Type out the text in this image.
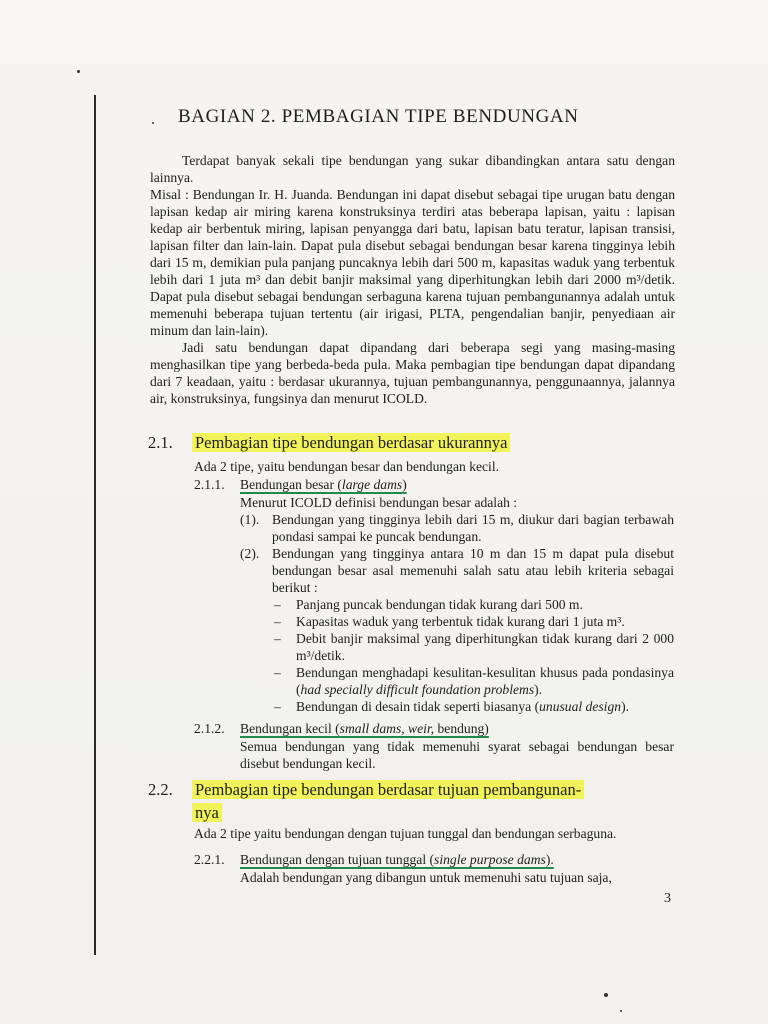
BAGIAN 2. PEMBAGIAN TIPE BENDUNGAN

Terdapat banyak sekali tipe bendungan yang sukar dibandingkan antara satu dengan lainnya.

Misal : Bendungan Ir. H. Juanda. Bendungan ini dapat disebut sebagai tipe urugan batu dengan lapisan kedap air miring karena konstruksinya terdiri atas beberapa lapisan, yaitu : lapisan kedap air berbentuk miring, lapisan penyangga dari batu, lapisan batu teratur, lapisan transisi, lapisan filter dan lain-lain. Dapat pula disebut sebagai bendungan besar karena tingginya lebih dari 15 m, demikian pula panjang puncaknya lebih dari 500 m, kapasitas waduk yang terbentuk lebih dari 1 juta m³ dan debit banjir maksimal yang diperhitungkan lebih dari 2000 m³/detik. Dapat pula disebut sebagai bendungan serbaguna karena tujuan pembangunannya adalah untuk memenuhi beberapa tujuan tertentu (air irigasi, PLTA, pengendalian banjir, penyediaan air minum dan lain-lain).

Jadi satu bendungan dapat dipandang dari beberapa segi yang masing-masing menghasilkan tipe yang berbeda-beda pula. Maka pembagian tipe bendungan dapat dipandang dari 7 keadaan, yaitu : berdasar ukurannya, tujuan pembangunannya, penggunaannya, jalannya air, konstruksinya, fungsinya dan menurut ICOLD.

2.1. Pembagian tipe bendungan berdasar ukurannya
Ada 2 tipe, yaitu bendungan besar dan bendungan kecil.
2.1.1. Bendungan besar (large dams)
Menurut ICOLD definisi bendungan besar adalah :
(1). Bendungan yang tingginya lebih dari 15 m, diukur dari bagian terbawah pondasi sampai ke puncak bendungan.
(2). Bendungan yang tingginya antara 10 m dan 15 m dapat pula disebut bendungan besar asal memenuhi salah satu atau lebih kriteria sebagai berikut :
– Panjang puncak bendungan tidak kurang dari 500 m.
– Kapasitas waduk yang terbentuk tidak kurang dari 1 juta m³.
– Debit banjir maksimal yang diperhitungkan tidak kurang dari 2 000 m³/detik.
– Bendungan menghadapi kesulitan-kesulitan khusus pada pondasinya (had specially difficult foundation problems).
– Bendungan di desain tidak seperti biasanya (unusual design).
2.1.2. Bendungan kecil (small dams, weir, bendung)
Semua bendungan yang tidak memenuhi syarat sebagai bendungan besar disebut bendungan kecil.
2.2. Pembagian tipe bendungan berdasar tujuan pembangunan-
nya
Ada 2 tipe yaitu bendungan dengan tujuan tunggal dan bendungan serbaguna.
2.2.1. Bendungan dengan tujuan tunggal (single purpose dams).
Adalah bendungan yang dibangun untuk memenuhi satu tujuan saja,
3
